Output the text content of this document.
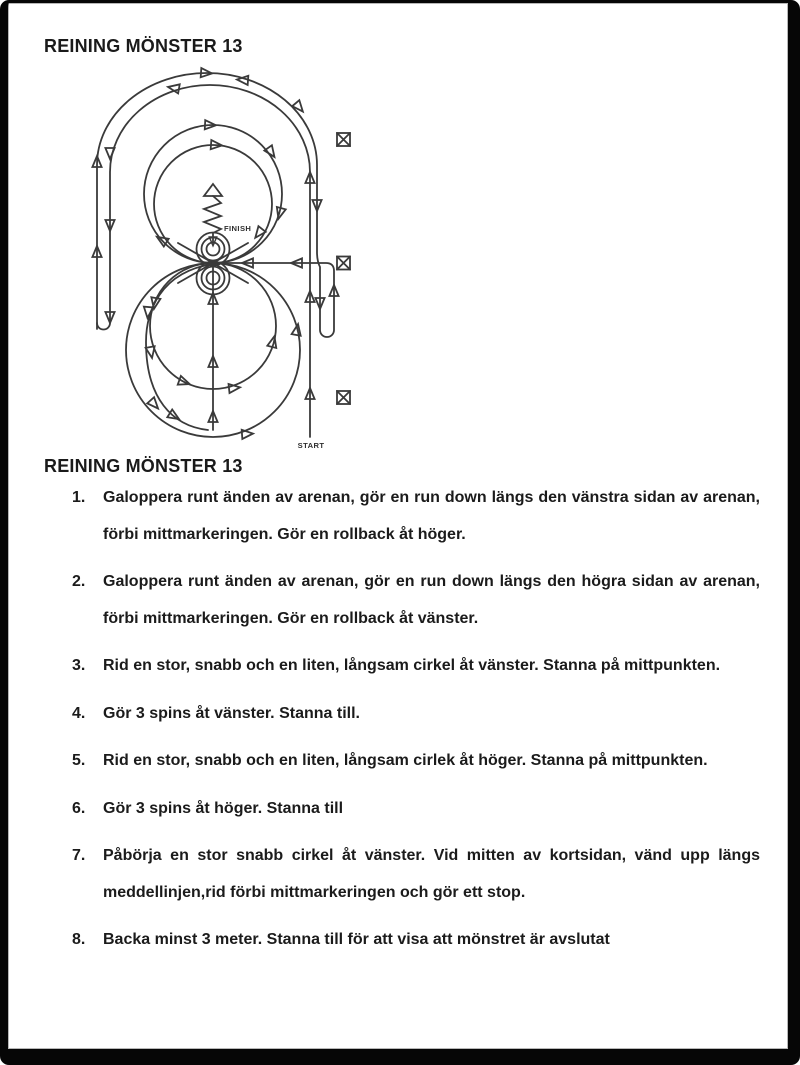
REINING MÖNSTER 13
FINISH
START
REINING MÖNSTER 13
1.	Galoppera runt änden av arenan, gör en run down längs den vänstra sidan av arenan, förbi mittmarkeringen. Gör en rollback åt höger.
2.	Galoppera runt änden av arenan, gör en run down längs den högra sidan av arenan, förbi mittmarkeringen. Gör en rollback åt vänster.
3.	Rid en stor, snabb och en liten, långsam cirkel åt vänster. Stanna på mittpunkten.
4.	Gör 3 spins åt vänster. Stanna till.
5.	Rid en stor, snabb och en liten, långsam cirlek åt höger. Stanna på mittpunkten.
6.	Gör 3 spins åt höger. Stanna till
7.	Påbörja en stor snabb cirkel åt vänster. Vid mitten av kortsidan, vänd upp längs meddellinjen,rid förbi mittmarkeringen och gör ett stop.
8.	Backa minst 3 meter. Stanna till för att visa att mönstret är avslutat
